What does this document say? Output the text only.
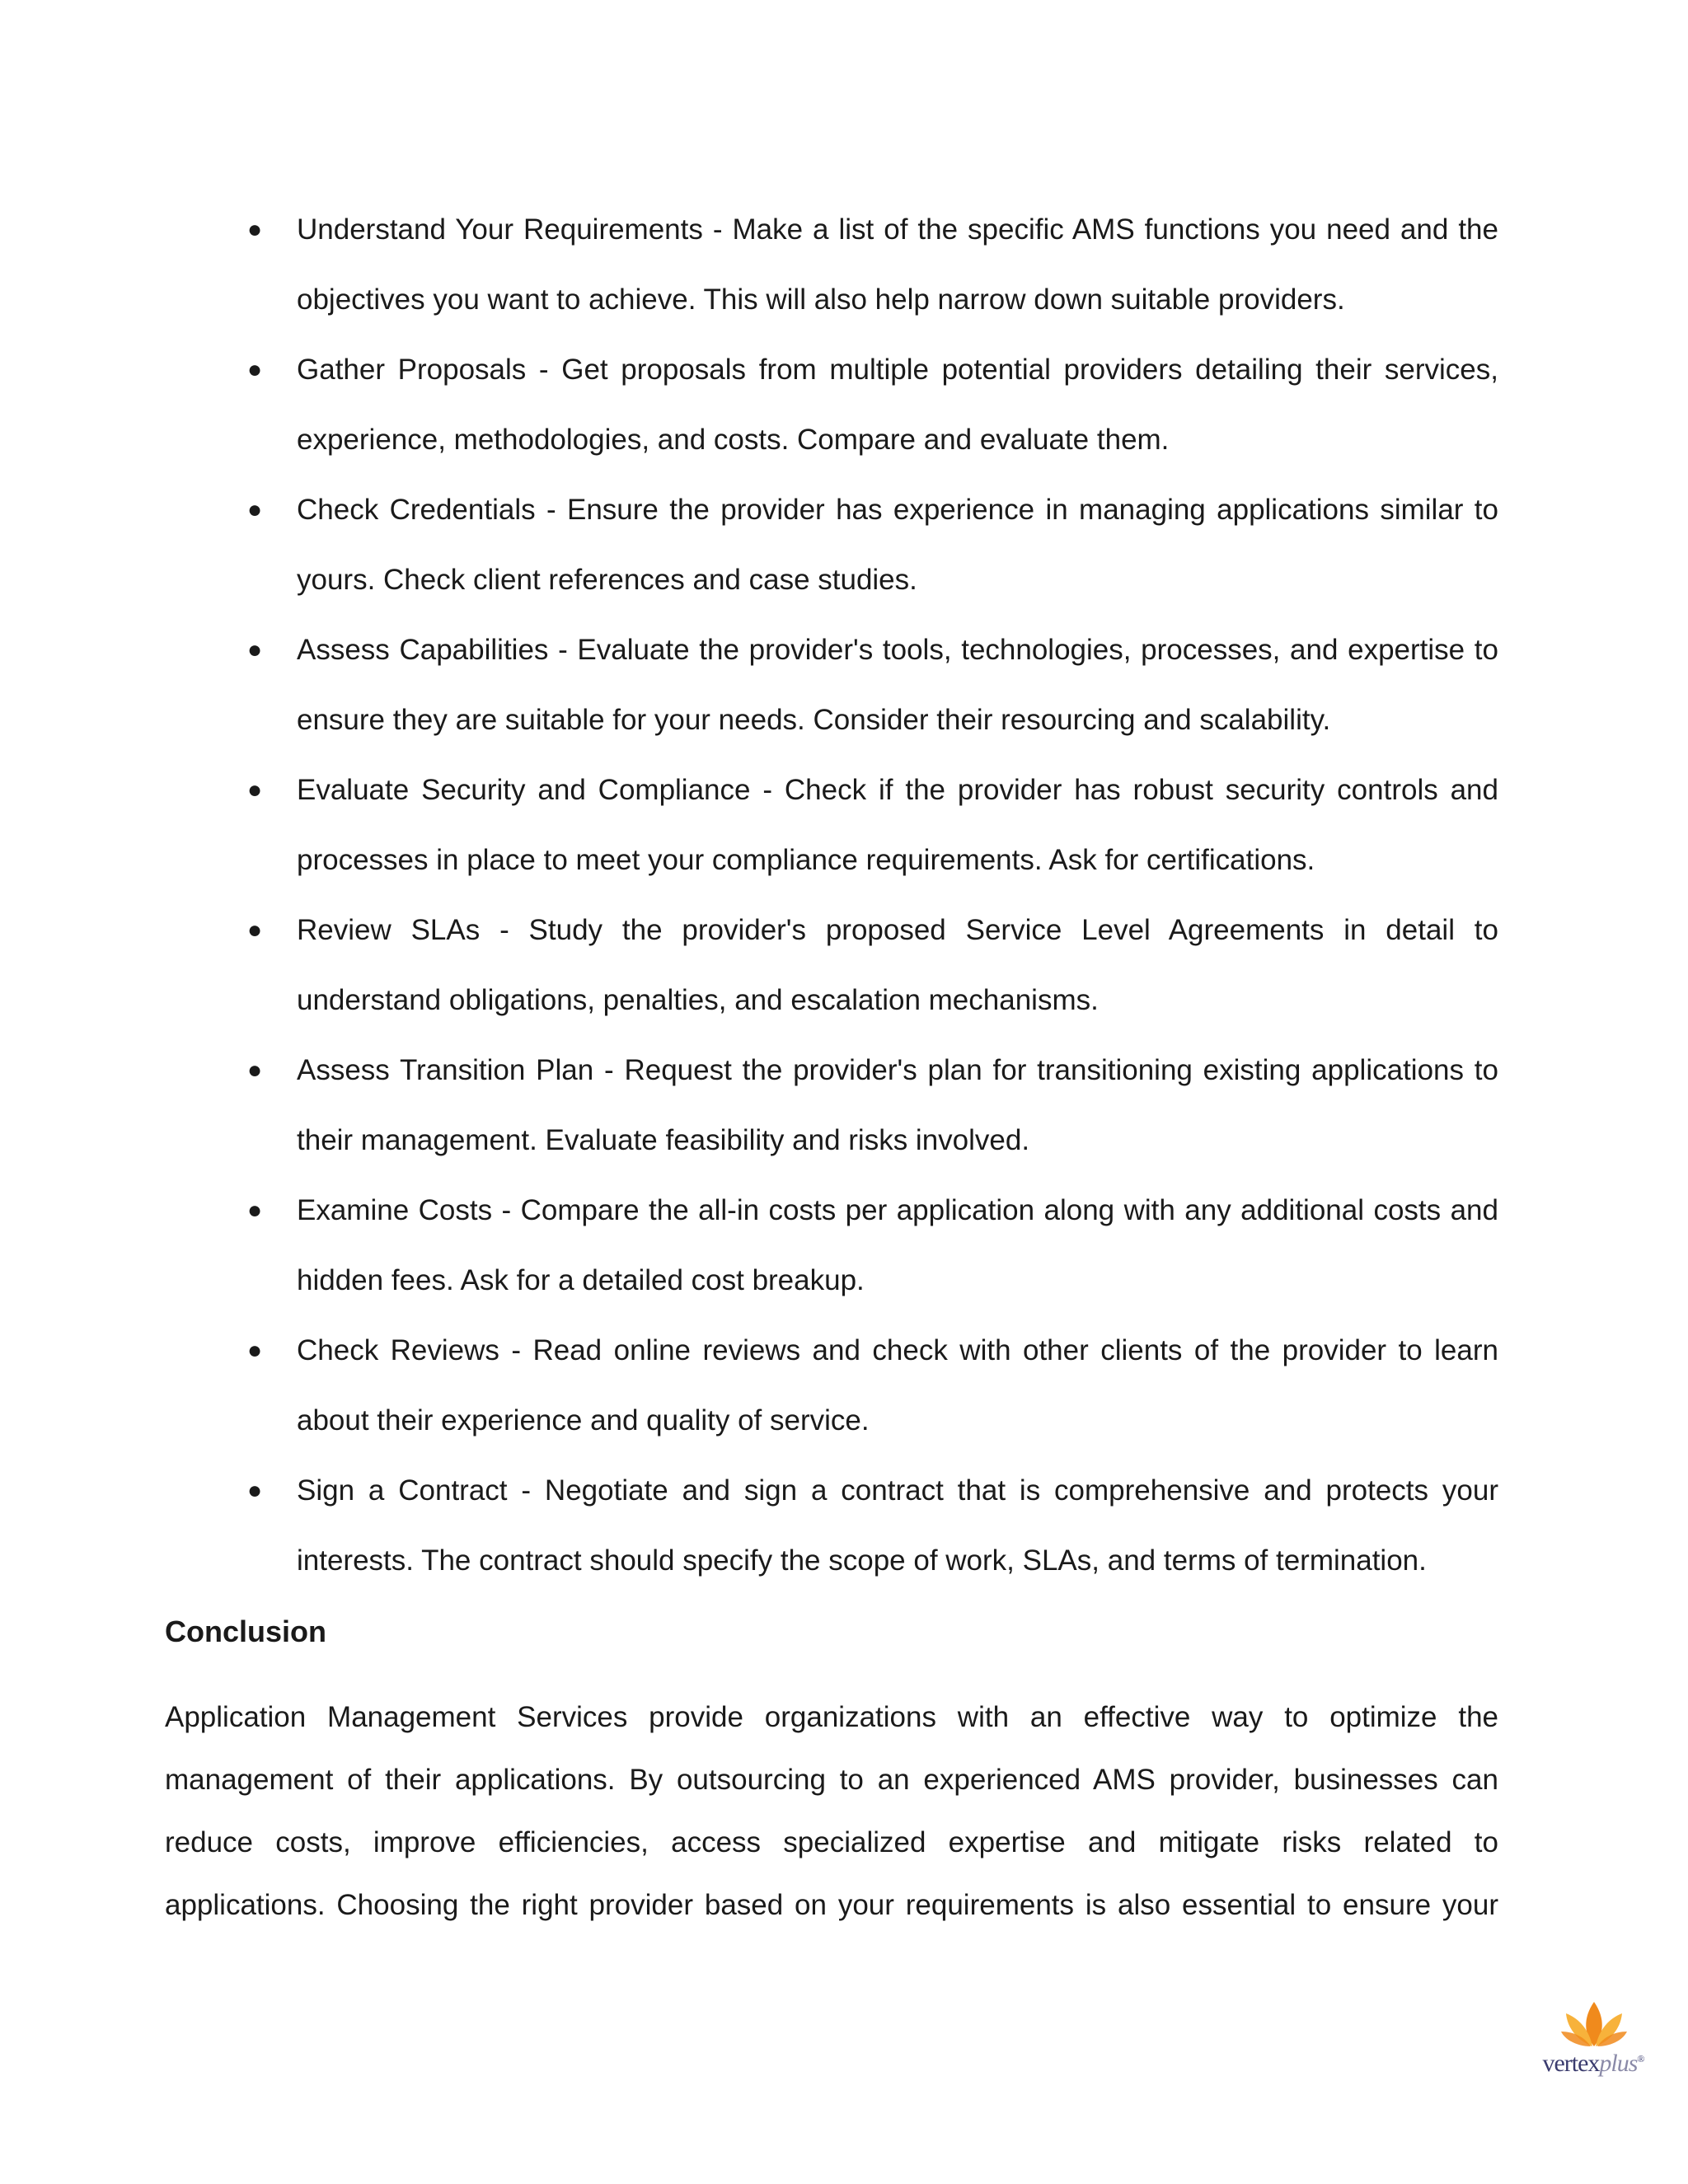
●	Understand Your Requirements - Make a list of the specific AMS functions you need and the objectives you want to achieve. This will also help narrow down suitable providers.
●	Gather Proposals - Get proposals from multiple potential providers detailing their services, experience, methodologies, and costs. Compare and evaluate them.
●	Check Credentials - Ensure the provider has experience in managing applications similar to yours. Check client references and case studies.
●	Assess Capabilities - Evaluate the provider's tools, technologies, processes, and expertise to ensure they are suitable for your needs. Consider their resourcing and scalability.
●	Evaluate Security and Compliance - Check if the provider has robust security controls and processes in place to meet your compliance requirements. Ask for certifications.
●	Review SLAs - Study the provider's proposed Service Level Agreements in detail to understand obligations, penalties, and escalation mechanisms.
●	Assess Transition Plan - Request the provider's plan for transitioning existing applications to their management. Evaluate feasibility and risks involved.
●	Examine Costs - Compare the all-in costs per application along with any additional costs and hidden fees. Ask for a detailed cost breakup.
●	Check Reviews - Read online reviews and check with other clients of the provider to learn about their experience and quality of service.
●	Sign a Contract - Negotiate and sign a contract that is comprehensive and protects your interests. The contract should specify the scope of work, SLAs, and terms of termination.
Conclusion

Application Management Services provide organizations with an effective way to optimize the management of their applications. By outsourcing to an experienced AMS provider, businesses can reduce costs, improve efficiencies, access specialized expertise and mitigate risks related to applications. Choosing the right provider based on your requirements is also essential to ensure your

vertexplus®
